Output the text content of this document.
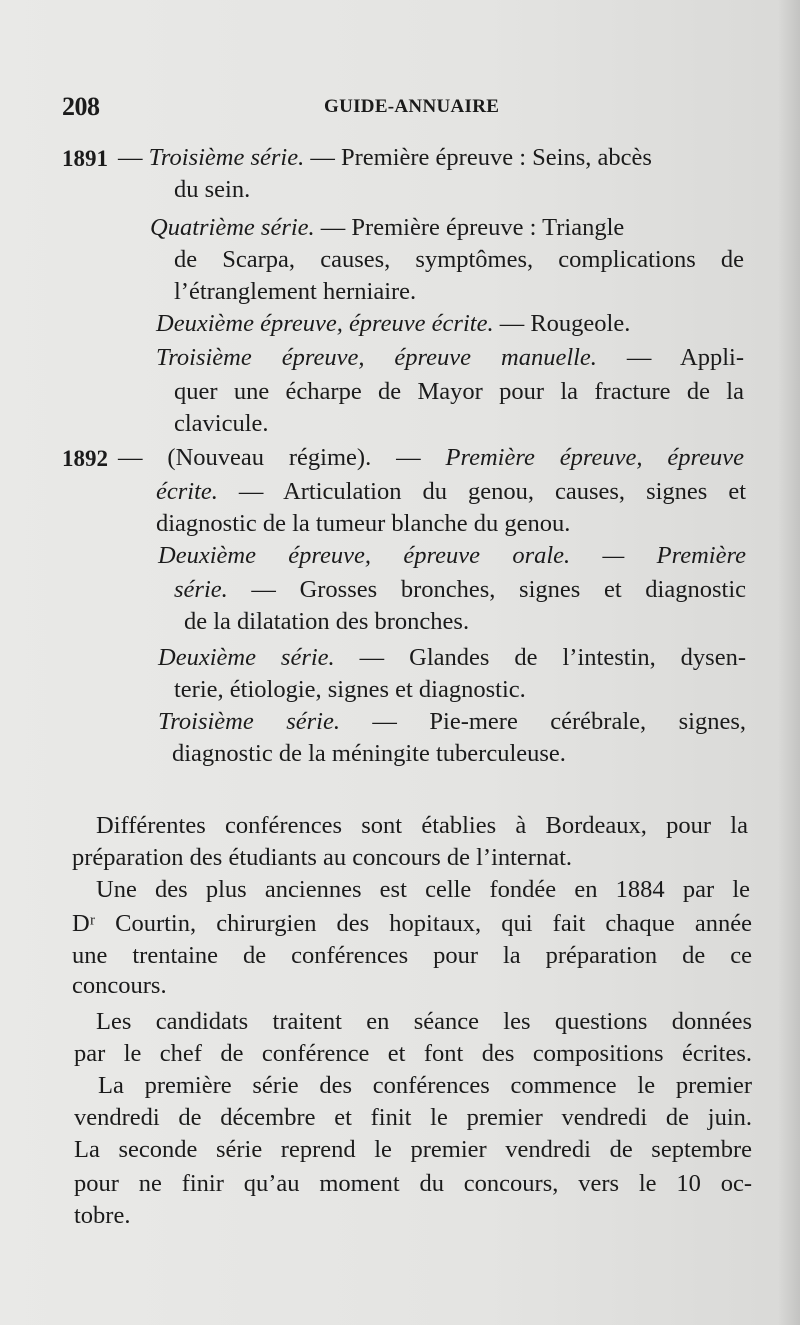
208	GUIDE-ANNUAIRE
1891 — Troisième série. — Première épreuve : Seins, abcès
du sein.
Quatrième série. — Première épreuve : Triangle
de Scarpa, causes, symptômes, complications de
l’étranglement herniaire.
Deuxième épreuve, épreuve écrite. — Rougeole.
Troisième épreuve, épreuve manuelle. — Appli-
quer une écharpe de Mayor pour la fracture de la
clavicule.
1892 — (Nouveau régime). — Première épreuve, épreuve
écrite. — Articulation du genou, causes, signes et
diagnostic de la tumeur blanche du genou.
Deuxième épreuve, épreuve orale. — Première
série. — Grosses bronches, signes et diagnostic
de la dilatation des bronches.
Deuxième série. — Glandes de l’intestin, dysen-
terie, étiologie, signes et diagnostic.
Troisième série. — Pie-mere cérébrale, signes,
diagnostic de la méningite tuberculeuse.
Différentes conférences sont établies à Bordeaux, pour la
préparation des étudiants au concours de l’internat.
Une des plus anciennes est celle fondée en 1884 par le
Dʳ Courtin, chirurgien des hopitaux, qui fait chaque année
une trentaine de conférences pour la préparation de ce
concours.
Les candidats traitent en séance les questions données
par le chef de conférence et font des compositions écrites.
La première série des conférences commence le premier
vendredi de décembre et finit le premier vendredi de juin.
La seconde série reprend le premier vendredi de septembre
pour ne finir qu’au moment du concours, vers le 10 oc-
tobre.
